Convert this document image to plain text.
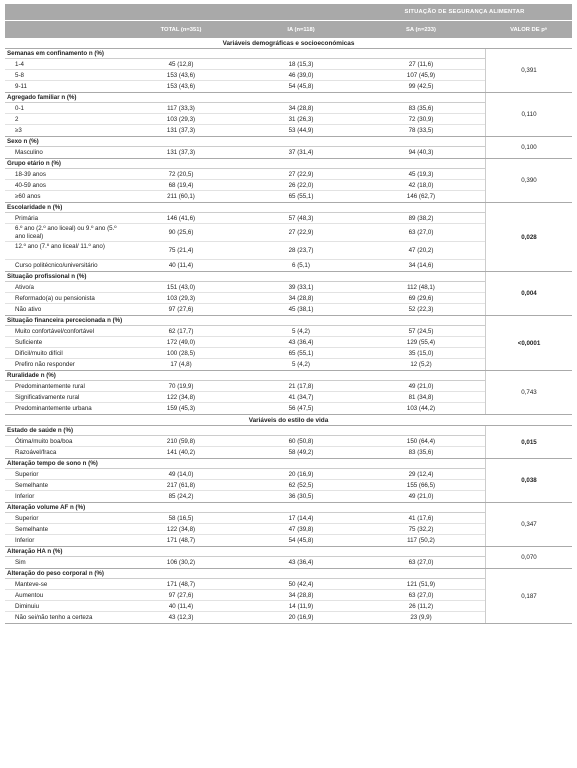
SITUAÇÃO DE SEGURANÇA ALIMENTAR
TOTAL (n=351)	IA (n=118)	SA (n=233)	VALOR DE pᵃ
Variáveis demográficas e socioeconómicas
Semanas em confinamento n (%)
1-4	45 (12,8)	18 (15,3)	27 (11,6)
5-8	153 (43,6)	46 (39,0)	107 (45,9)
9-11	153 (43,6)	54 (45,8)	99 (42,5)
0,391
Agregado familiar n (%)
0-1	117 (33,3)	34 (28,8)	83 (35,6)
2	103 (29,3)	31 (26,3)	72 (30,9)
≥3	131 (37,3)	53 (44,9)	78 (33,5)
0,110
Sexo n (%)
Masculino	131 (37,3)	37 (31,4)	94 (40,3)
0,100
Grupo etário n (%)
18-39 anos	72 (20,5)	27 (22,9)	45 (19,3)
40-59 anos	68 (19,4)	26 (22,0)	42 (18,0)
≥60 anos	211 (60,1)	65 (55,1)	146 (62,7)
0,390
Escolaridade n (%)
Primária	146 (41,6)	57 (48,3)	89 (38,2)
6.º ano (2.º ano liceal) ou 9.º ano (5.º ano liceal)
90 (25,6)	27 (22,9)	63 (27,0)
12.º ano (7.º ano liceal/ 11.º ano)
75 (21,4)	28 (23,7)	47 (20,2)
Curso politécnico/universitário	40 (11,4)	6 (5,1)	34 (14,6)
0,028
Situação profissional n (%)
Ativo/a	151 (43,0)	39 (33,1)	112 (48,1)
Reformado(a) ou pensionista	103 (29,3)	34 (28,8)	69 (29,6)
Não ativo	97 (27,6)	45 (38,1)	52 (22,3)
0,004
Situação financeira percecionada n (%)
Muito confortável/confortável	62 (17,7)	5 (4,2)	57 (24,5)
Suficiente	172 (49,0)	43 (36,4)	129 (55,4)
Difícil/muito difícil	100 (28,5)	65 (55,1)	35 (15,0)
Prefiro não responder	17 (4,8)	5 (4,2)	12 (5,2)
<0,0001
Ruralidade n (%)
Predominantemente rural	70 (19,9)	21 (17,8)	49 (21,0)
Significativamente rural	122 (34,8)	41 (34,7)	81 (34,8)
Predominantemente urbana	159 (45,3)	56 (47,5)	103 (44,2)
0,743
Variáveis do estilo de vida
Estado de saúde n (%)
Ótima/muito boa/boa	210 (59,8)	60 (50,8)	150 (64,4)
Razoável/fraca	141 (40,2)	58 (49,2)	83 (35,6)
0,015
Alteração tempo de sono n (%)
Superior	49 (14,0)	20 (16,9)	29 (12,4)
Semelhante	217 (61,8)	62 (52,5)	155 (66,5)
Inferior	85 (24,2)	36 (30,5)	49 (21,0)
0,038
Alteração volume AF n (%)
Superior	58 (16,5)	17 (14,4)	41 (17,6)
Semelhante	122 (34,8)	47 (39,8)	75 (32,2)
Inferior	171 (48,7)	54 (45,8)	117 (50,2)
0,347
Alteração HA n (%)
Sim	106 (30,2)	43 (36,4)	63 (27,0)
0,070
Alteração do peso corporal n (%)
Manteve-se	171 (48,7)	50 (42,4)	121 (51,9)
Aumentou	97 (27,6)	34 (28,8)	63 (27,0)
Diminuiu	40 (11,4)	14 (11,9)	26 (11,2)
Não sei/não tenho a certeza	43 (12,3)	20 (16,9)	23 (9,9)
0,187
